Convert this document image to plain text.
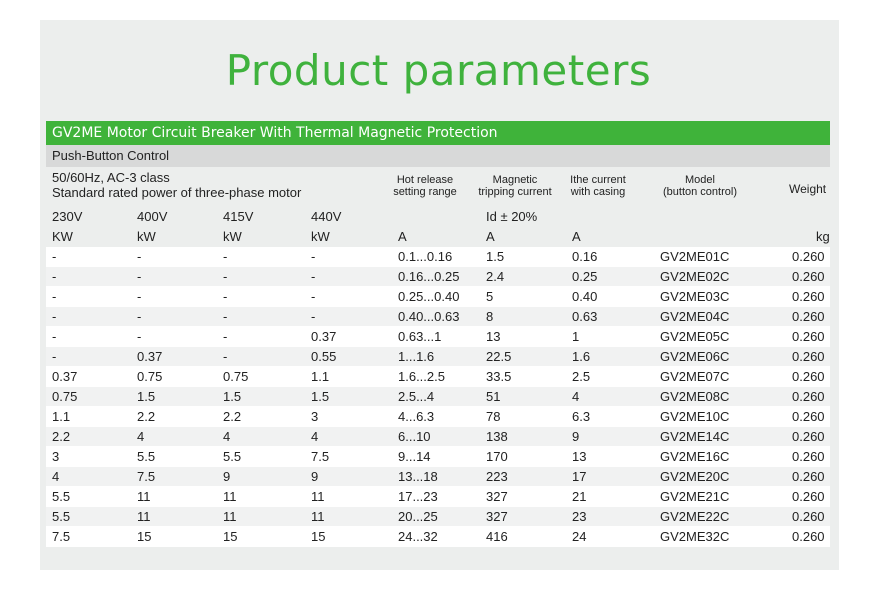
Product parameters
GV2ME Motor Circuit Breaker With Thermal Magnetic Protection
Push-Button Control
50/60Hz, AC-3 class
Standard rated power of three-phase motor
Hot release
setting range
Magnetic
tripping current
Ithe current
with casing
Model
(button control)	Weight
230V	400V	415V	440V	Id ± 20%
KW	kW	kW	kW	A	A	A	kg
-	-	-	-	0.1...0.16	1.5	0.16	GV2ME01C	0.260
-	-	-	-	0.16...0.25 2.4	0.25	GV2ME02C	0.260
-	-	-	-	0.25...0.40 5	0.40	GV2ME03C	0.260
-	-	-	-	0.40...0.63 8	0.63	GV2ME04C	0.260
-	-	-	0.37	0.63...1	13	1	GV2ME05C	0.260
-	0.37	-	0.55	1...1.6	22.5	1.6	GV2ME06C	0.260
0.37	0.75	0.75	1.1	1.6...2.5	33.5	2.5	GV2ME07C	0.260
0.75	1.5	1.5	1.5	2.5...4	51	4	GV2ME08C	0.260
1.1	2.2	2.2	3	4...6.3	78	6.3	GV2ME10C	0.260
2.2	4	4	4	6...10	138	9	GV2ME14C	0.260
3	5.5	5.5	7.5	9...14	170	13	GV2ME16C	0.260
4	7.5	9	9	13...18	223	17	GV2ME20C	0.260
5.5	11	11	11	17...23	327	21	GV2ME21C	0.260
5.5	11	11	11	20...25	327	23	GV2ME22C	0.260
7.5	15	15	15	24...32	416	24	GV2ME32C	0.260
